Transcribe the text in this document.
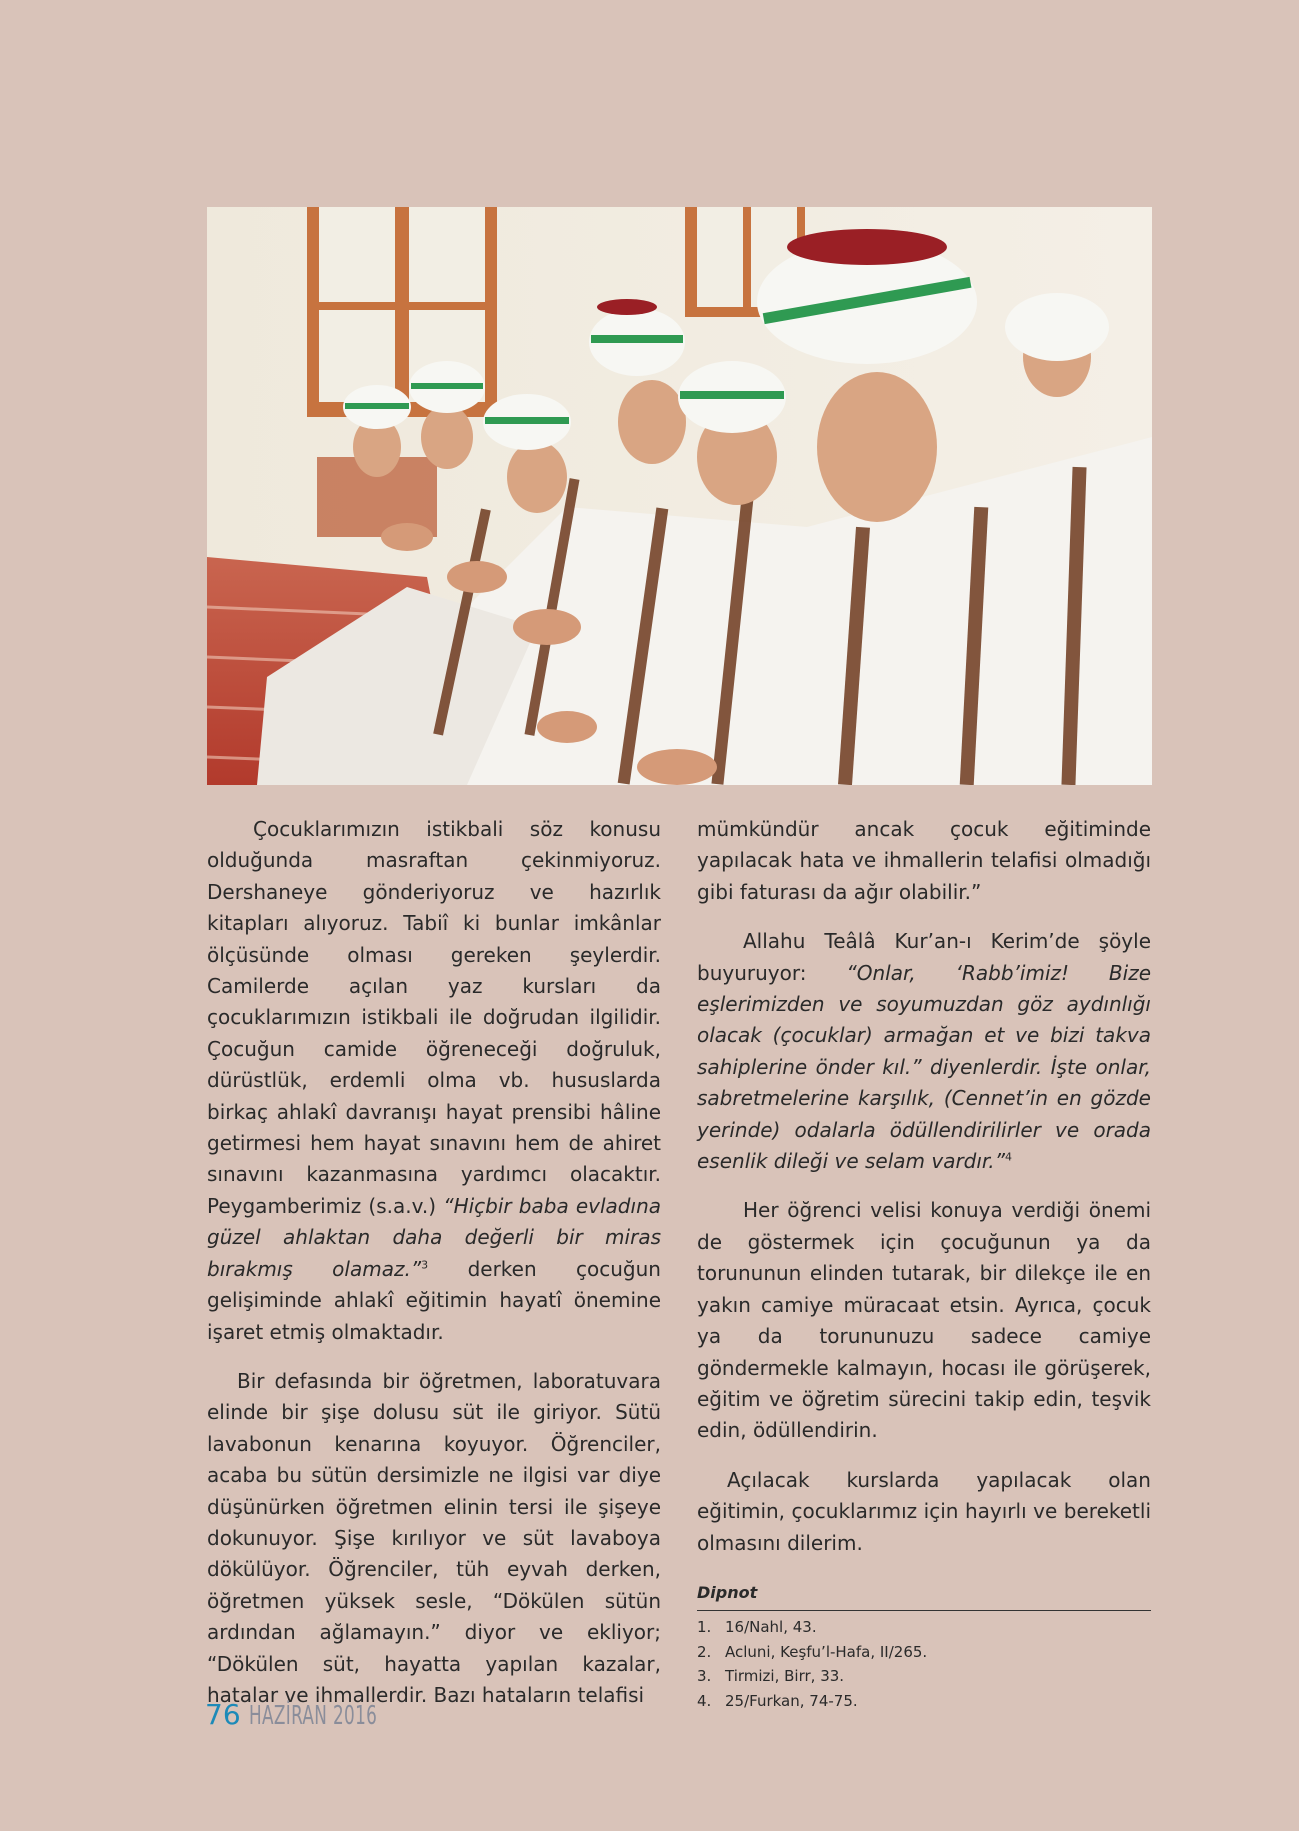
Çocuklarımızın istikbali söz konusu olduğunda masraftan çekinmiyoruz. Dershaneye gönderiyoruz ve hazırlık kitapları alıyoruz. Tabiî ki bunlar imkânlar ölçüsünde olması gereken şeylerdir. Camilerde açılan yaz kursları da çocuklarımızın istikbali ile doğrudan ilgilidir. Çocuğun camide öğreneceği doğruluk, dürüstlük, erdemli olma vb. hususlarda birkaç ahlakî davranışı hayat prensibi hâline getirmesi hem hayat sınavını hem de ahiret sınavını kazanmasına yardımcı olacaktır. Peygamberimiz (s.a.v.) “Hiçbir baba evladına güzel ahlaktan daha değerli bir miras bırakmış olamaz.”$^3$ derken çocuğun gelişiminde ahlakî eğitimin hayatî önemine işaret etmiş olmaktadır.

Bir defasında bir öğretmen, laboratuvara elinde bir şişe dolusu süt ile giriyor. Sütü lavabonun kenarına koyuyor. Öğrenciler, acaba bu sütün dersimizle ne ilgisi var diye düşünürken öğretmen elinin tersi ile şişeye dokunuyor. Şişe kırılıyor ve süt lavaboya dökülüyor. Öğrenciler, tüh eyvah derken, öğretmen yüksek sesle, “Dökülen sütün ardından ağlamayın.” diyor ve ekliyor; “Dökülen süt, hayatta yapılan kazalar, hatalar ve ihmallerdir. Bazı hataların telafisi

mümkündür ancak çocuk eğitiminde yapılacak hata ve ihmallerin telafisi olmadığı gibi faturası da ağır olabilir.”

Allahu Teâlâ Kur’an-ı Kerim’de şöyle buyuruyor: “Onlar, ‘Rabb’imiz! Bize eşlerimizden ve soyumuzdan göz aydınlığı olacak (çocuklar) armağan et ve bizi takva sahiplerine önder kıl.” diyenlerdir. İşte onlar, sabretmelerine karşılık, (Cennet’in en gözde yerinde) odalarla ödüllendirilirler ve orada esenlik dileği ve selam vardır.”$^4$

Her öğrenci velisi konuya verdiği önemi de göstermek için çocuğunun ya da torununun elinden tutarak, bir dilekçe ile en yakın camiye müracaat etsin. Ayrıca, çocuk ya da torununuzu sadece camiye göndermekle kalmayın, hocası ile görüşerek, eğitim ve öğretim sürecini takip edin, teşvik edin, ödüllendirin.

Açılacak kurslarda yapılacak olan eğitimin, çocuklarımız için hayırlı ve bereketli olmasını dilerim.

Dipnot
1. 16/Nahl, 43.
2. Acluni, Keşfu’l-Hafa, II/265.
3. Tirmizi, Birr, 33.
4. 25/Furkan, 74-75.
76 HAZİRAN 2016
